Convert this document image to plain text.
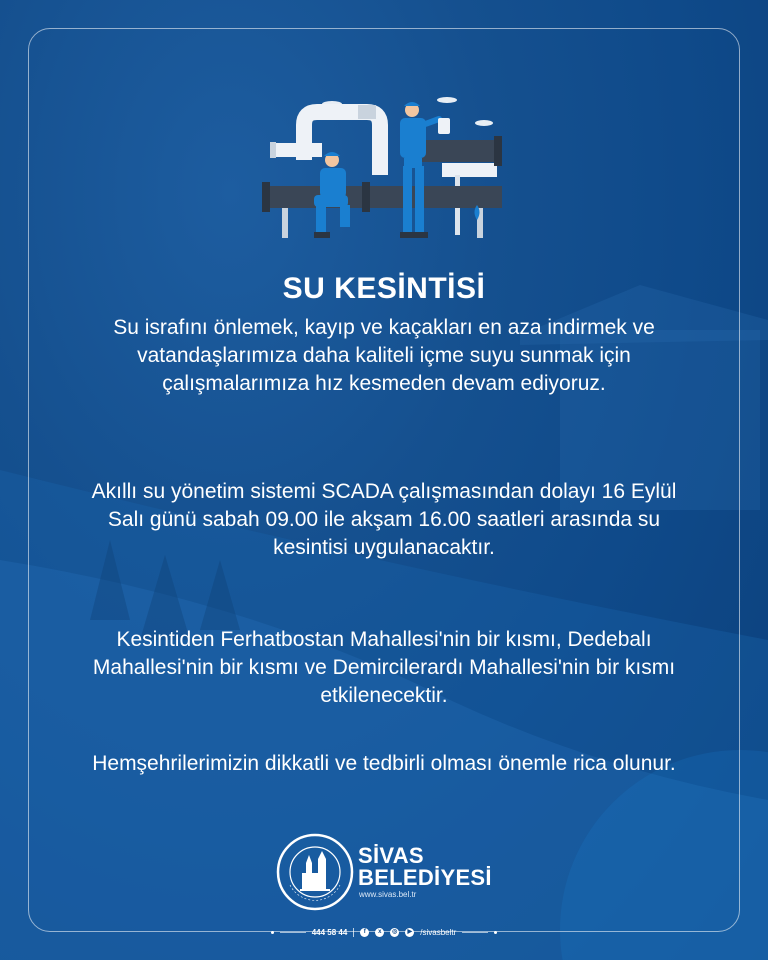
SU KESİNTİSİ

Su israfını önlemek, kayıp ve kaçakları en aza indirmek ve vatandaşlarımıza daha kaliteli içme suyu sunmak için çalışmalarımıza hız kesmeden devam ediyoruz.

Akıllı su yönetim sistemi SCADA çalışmasından dolayı 16 Eylül Salı günü sabah 09.00 ile akşam 16.00 saatleri arasında su kesintisi uygulanacaktır.

Kesintiden Ferhatbostan Mahallesi'nin bir kısmı, Dedebalı Mahallesi'nin bir kısmı ve Demircilerardı Mahallesi'nin bir kısmı etkilenecektir.

Hemşehrilerimizin dikkatli ve tedbirli olması önemle rica olunur.

SİVAS
BELEDİYESİ
www.sivas.bel.tr
444 58 44	f	x	◎	▶ /sivasbeltr
